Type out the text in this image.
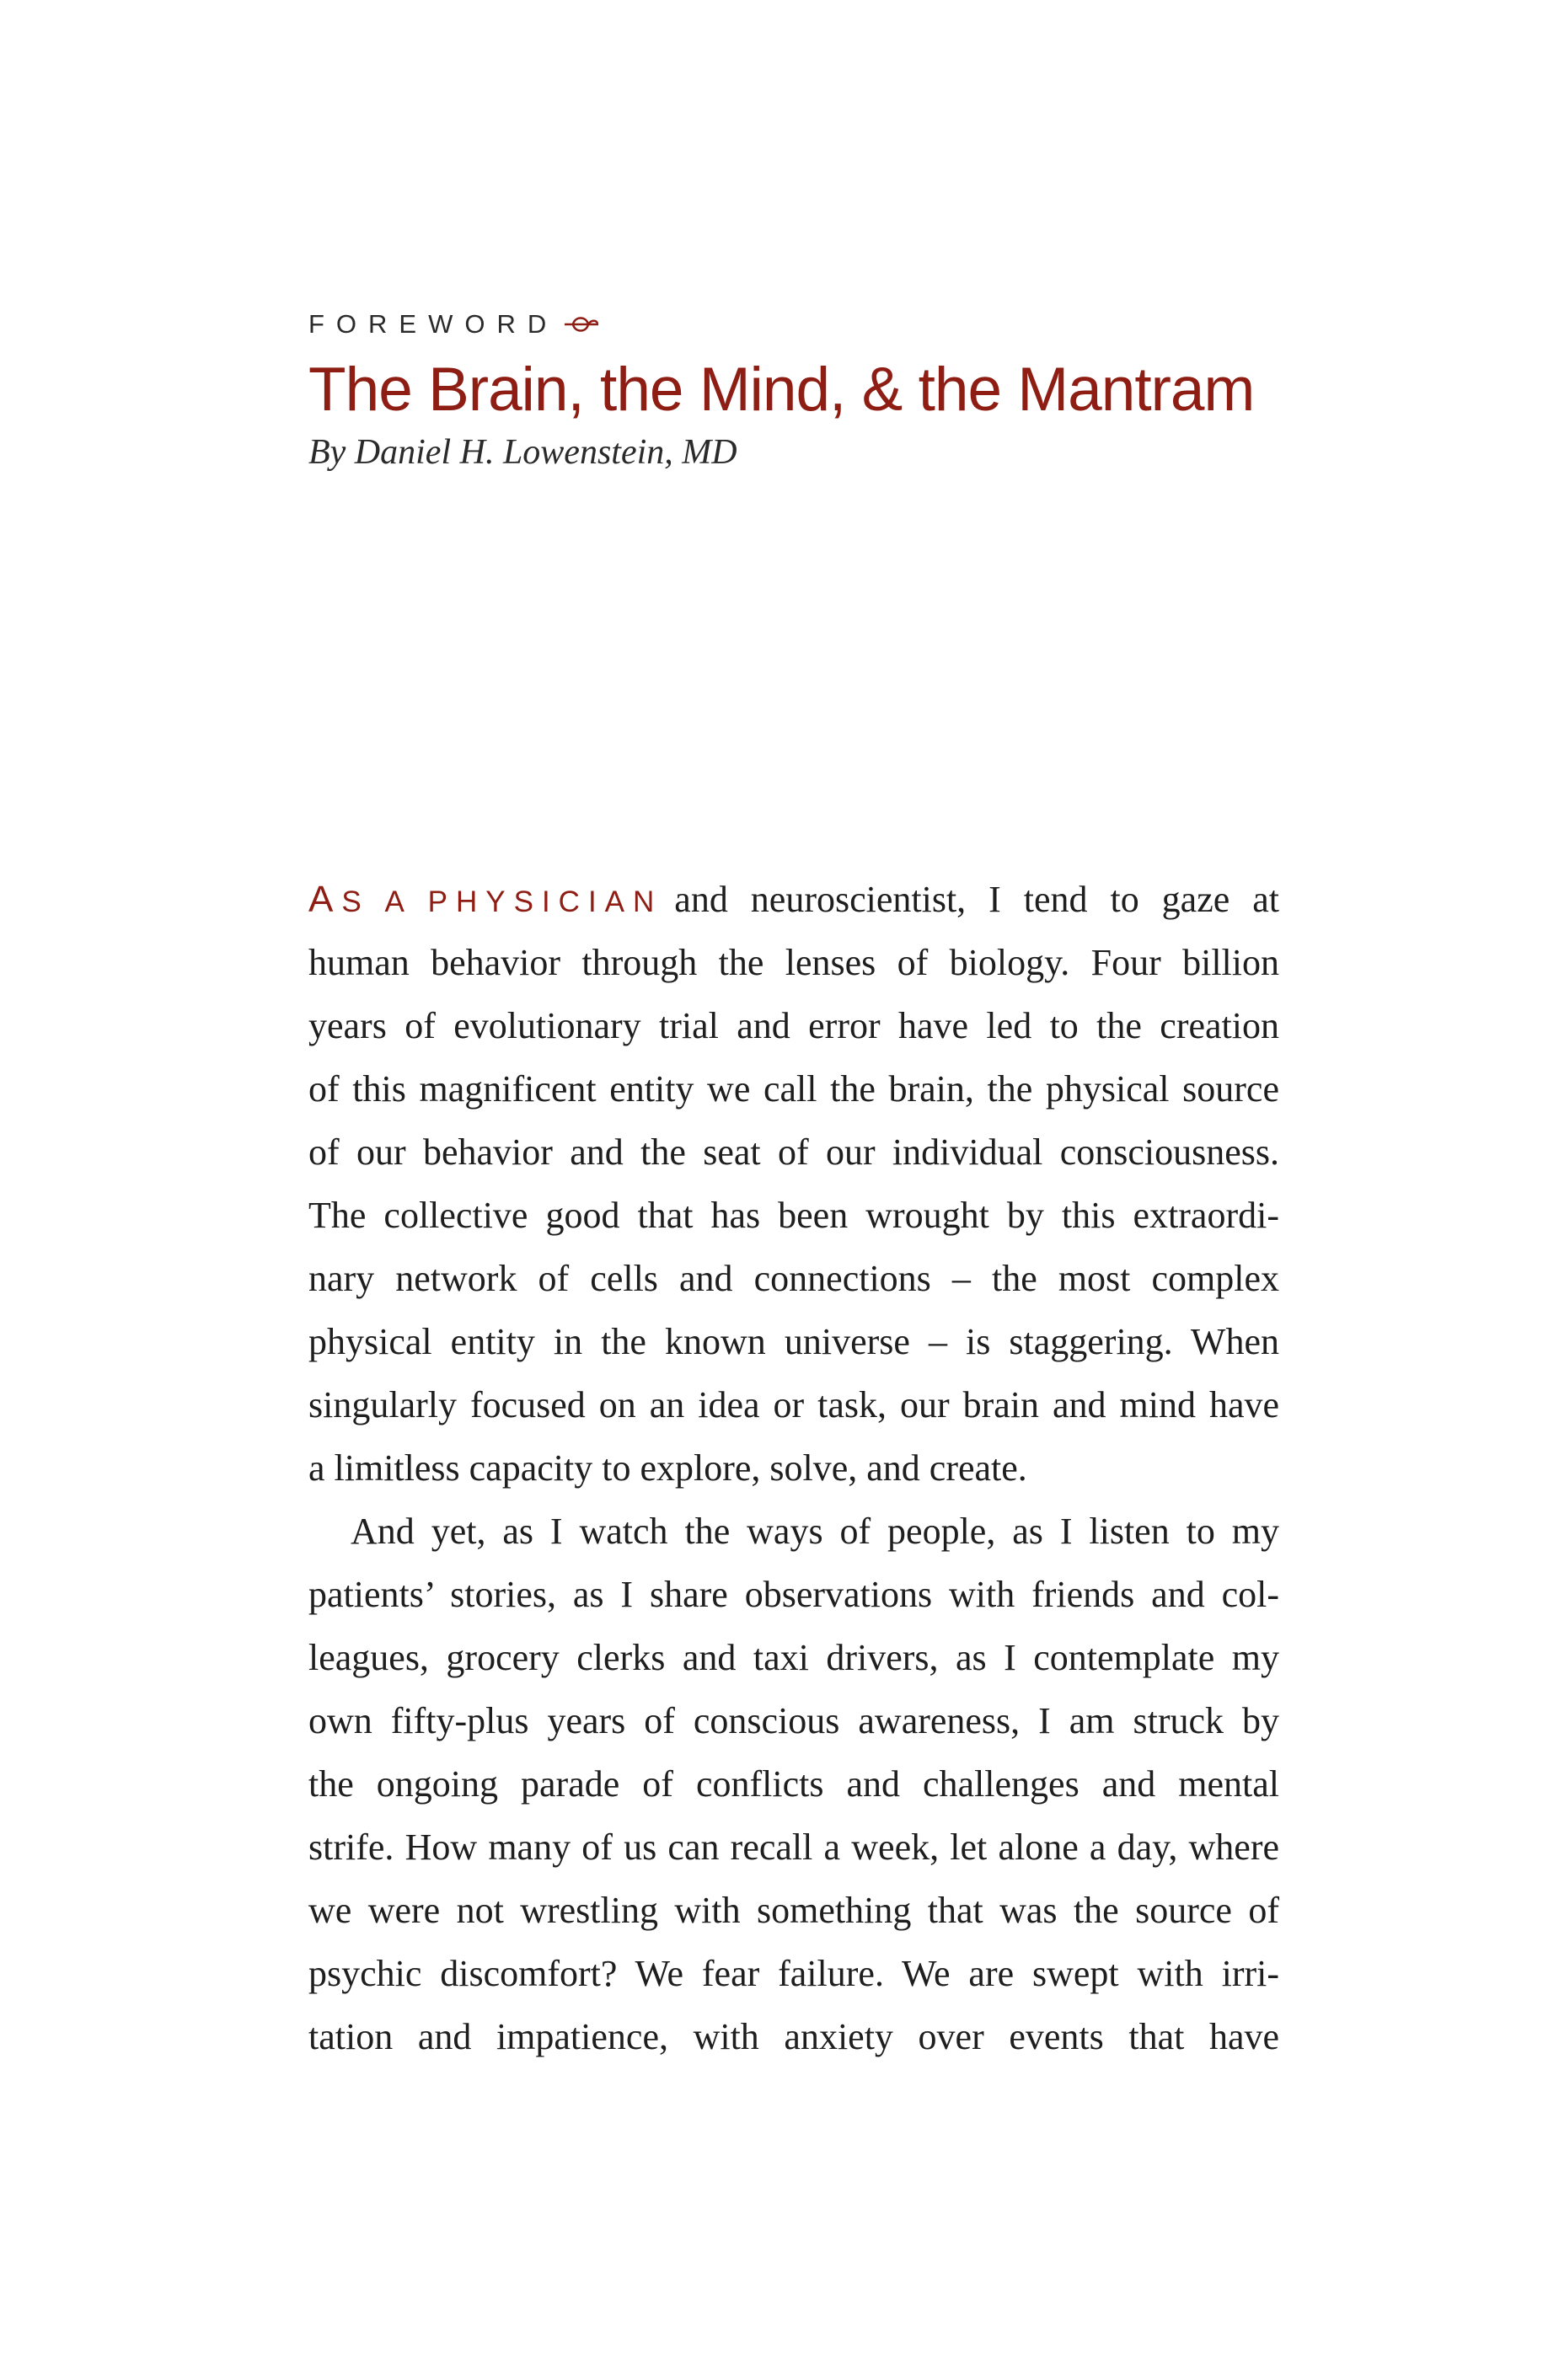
FOREWORD
The Brain, the Mind, & the Mantram
By Daniel H. Lowenstein, MD
AS A PHYSICIAN and neuroscientist, I tend to gaze at
human behavior through the lenses of biology. Four billion
years of evolutionary trial and error have led to the creation
of this magnificent entity we call the brain, the physical source
of our behavior and the seat of our individual consciousness.
The collective good that has been wrought by this extraordi-
nary network of cells and connections – the most complex
physical entity in the known universe – is staggering. When
singularly focused on an idea or task, our brain and mind have
a limitless capacity to explore, solve, and create.
And yet, as I watch the ways of people, as I listen to my
patients’ stories, as I share observations with friends and col-
leagues, grocery clerks and taxi drivers, as I contemplate my
own fifty-plus years of conscious awareness, I am struck by
the ongoing parade of conflicts and challenges and mental
strife. How many of us can recall a week, let alone a day, where
we were not wrestling with something that was the source of
psychic discomfort? We fear failure. We are swept with irri-
tation and impatience, with anxiety over events that have
